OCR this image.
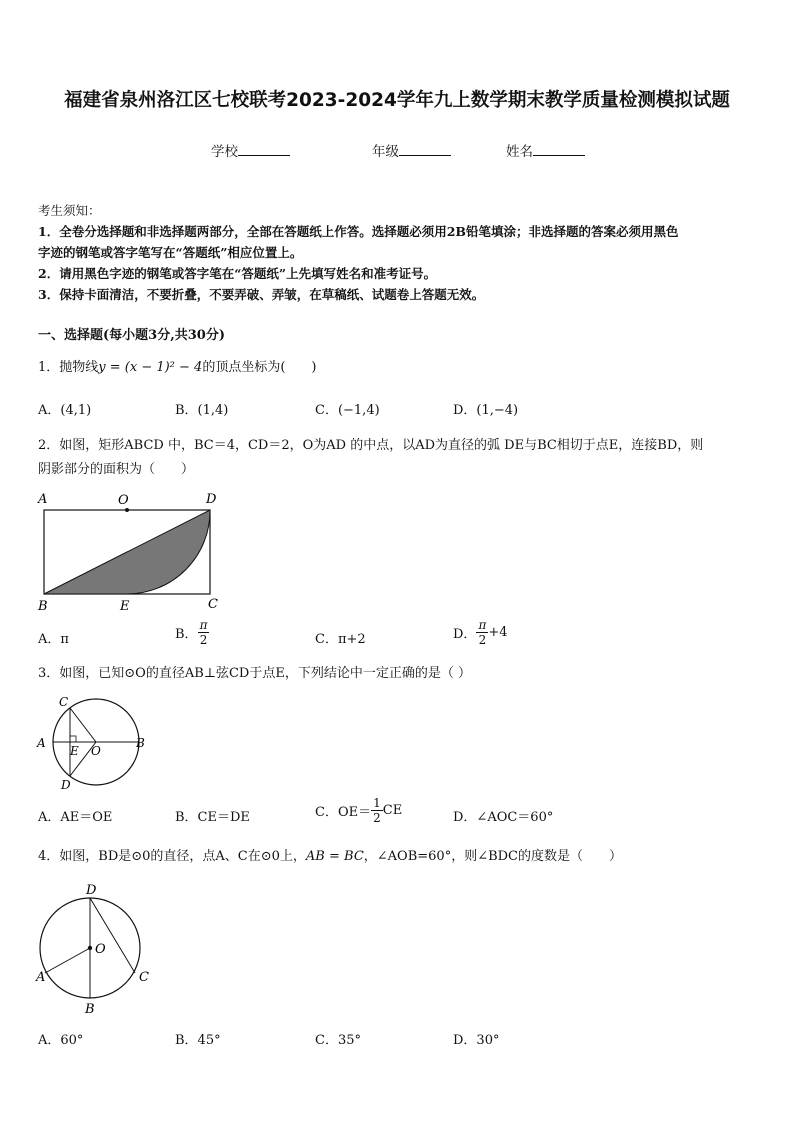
福建省泉州洛江区七校联考2023-2024学年九上数学期末教学质量检测模拟试题
学校	年级	姓名
考生须知：
1．全卷分选择题和非选择题两部分，全部在答题纸上作答。选择题必须用2B铅笔填涂；非选择题的答案必须用黑色
字迹的钢笔或答字笔写在“答题纸”相应位置上。
2．请用黑色字迹的钢笔或答字笔在“答题纸”上先填写姓名和准考证号。
3．保持卡面清洁，不要折叠，不要弄破、弄皱，在草稿纸、试题卷上答题无效。
一、选择题(每小题3分,共30分)
1．抛物线y = (x − 1)² − 4的顶点坐标为(　　)
A．(4,1)	B．(1,4)	C．(−1,4)	D．(1,−4)
2．如图，矩形ABCD 中，BC＝4，CD＝2，O为AD 的中点，以AD为直径的弧 DE与BC相切于点E，连接BD，则
阴影部分的面积为（　　）
A	O	D
B	E	C
A．π	B． $\frac{\pi}{2}$	C．π+2	D． $\frac{\pi}{2} +4$
3．如图，已知⊙O的直径AB⊥弦CD于点E，下列结论中一定正确的是（ ）
C
A
E O
B
D
A．AE＝OE	B．CE＝DE	C．$OE= \frac{1}{2}$ CE	D．∠AOC＝60°
4．如图，BD是⊙0的直径，点A、C在⊙0上，AB = BC，∠AOB=60°，则∠BDC的度数是（　　）
D
O
A	C
B
A．60°	B．45°	C．35°	D．30°
